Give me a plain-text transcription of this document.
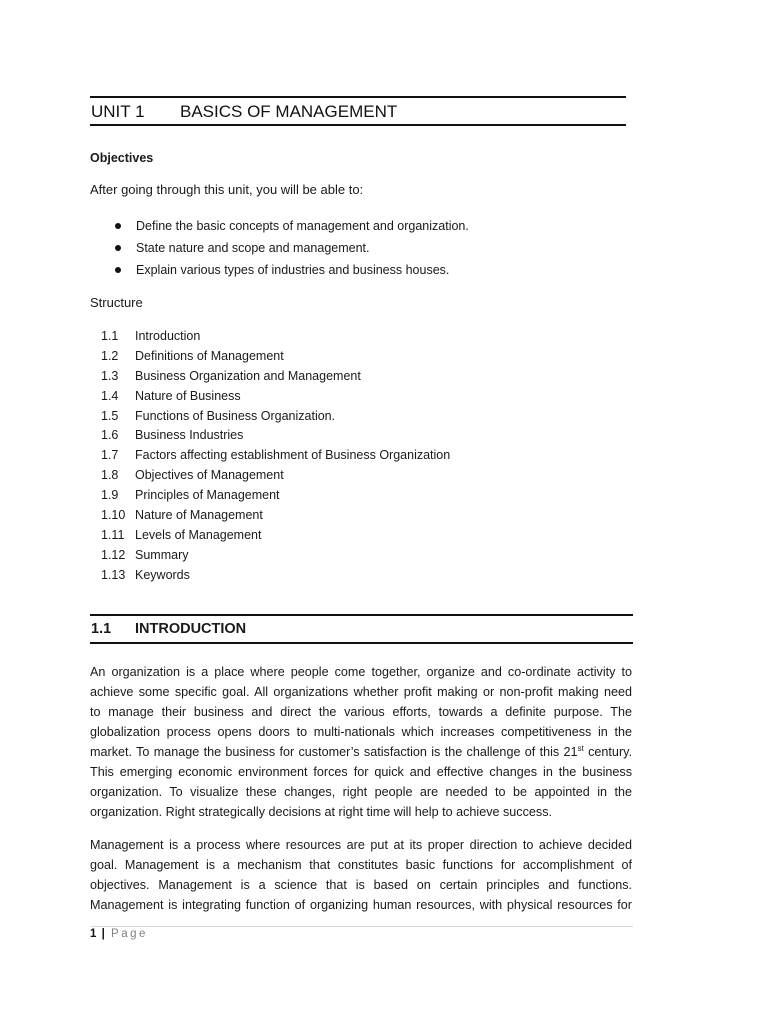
UNIT 1 BASICS OF MANAGEMENT
Objectives
After going through this unit, you will be able to:
Define the basic concepts of management and organization.
State nature and scope and management.
Explain various types of industries and business houses.
Structure
1.1 Introduction
1.2 Definitions of Management
1.3 Business Organization and Management
1.4 Nature of Business
1.5 Functions of Business Organization.
1.6 Business Industries
1.7 Factors affecting establishment of Business Organization
1.8 Objectives of Management
1.9 Principles of Management
1.10 Nature of Management
1.11 Levels of Management
1.12 Summary
1.13 Keywords
1.1 INTRODUCTION
An organization is a place where people come together, organize and co-ordinate activity to
achieve some specific goal. All organizations whether profit making or non-profit making need
to manage their business and direct the various efforts, towards a definite purpose. The
globalization process opens doors to multi-nationals which increases competitiveness in the
market. To manage the business for customer’s satisfaction is the challenge of this 21st century.
This emerging economic environment forces for quick and effective changes in the business
organization. To visualize these changes, right people are needed to be appointed in the
organization. Right strategically decisions at right time will help to achieve success.
Management is a process where resources are put at its proper direction to achieve decided
goal. Management is a mechanism that constitutes basic functions for accomplishment of
objectives. Management is a science that is based on certain principles and functions.
Management is integrating function of organizing human resources, with physical resources for
1 | Page
